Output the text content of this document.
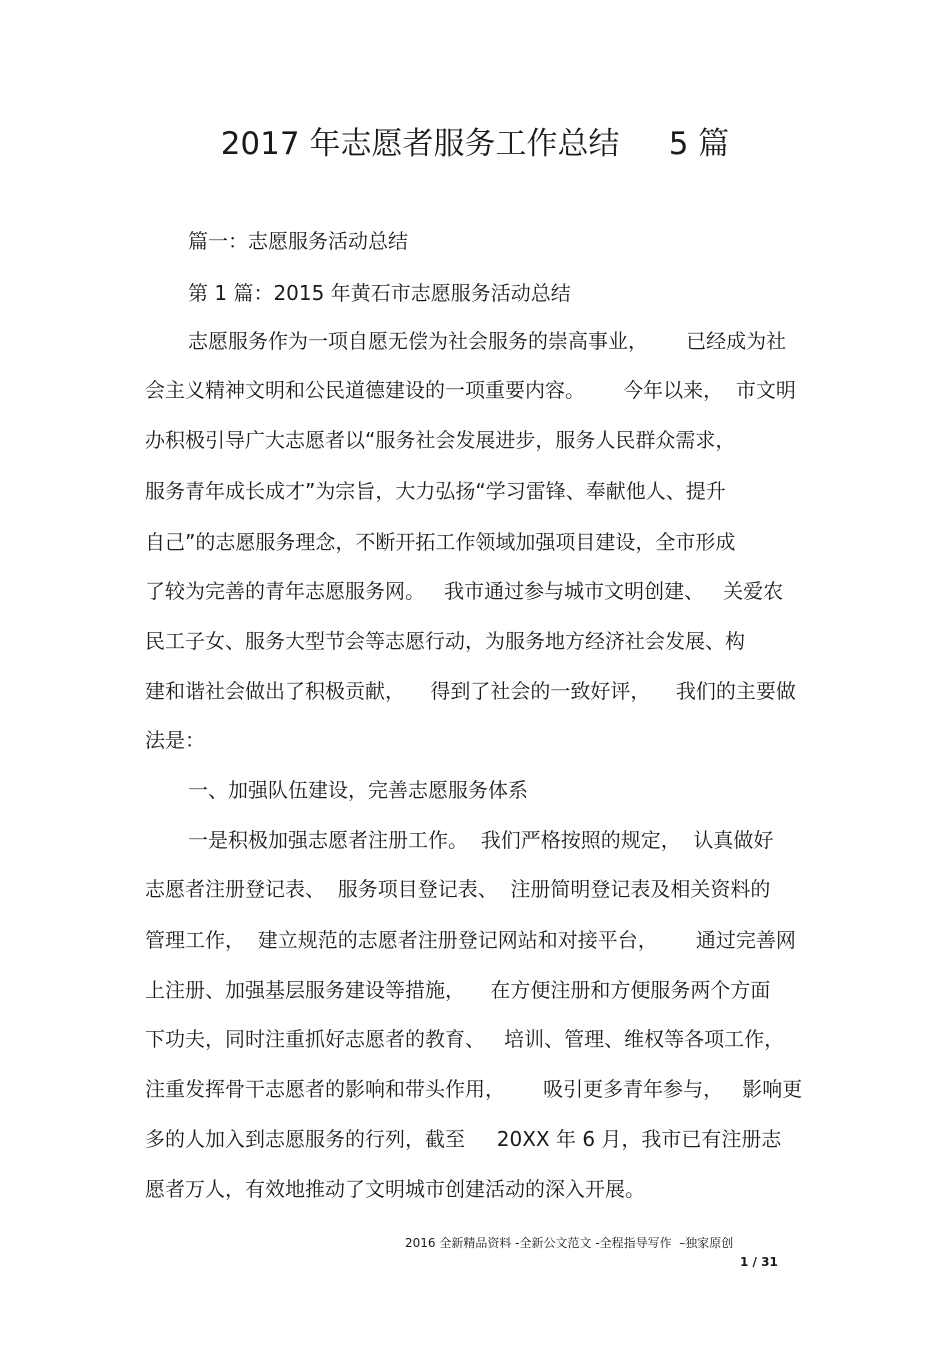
2017 年志愿者服务工作总结     5 篇
篇一：志愿服务活动总结
第 1 篇：2015 年黄石市志愿服务活动总结
志愿服务作为一项自愿无偿为社会服务的崇高事业，      已经成为社
会主义精神文明和公民道德建设的一项重要内容。      今年以来，  市文明
办积极引导广大志愿者以“服务社会发展进步，服务人民群众需求，
服务青年成长成才”为宗旨，大力弘扬“学习雷锋、奉献他人、提升
自己”的志愿服务理念，不断开拓工作领域加强项目建设，全市形成
了较为完善的青年志愿服务网。   我市通过参与城市文明创建、   关爱农
民工子女、服务大型节会等志愿行动，为服务地方经济社会发展、构
建和谐社会做出了积极贡献，    得到了社会的一致好评，    我们的主要做
法是：
一、加强队伍建设，完善志愿服务体系
一是积极加强志愿者注册工作。  我们严格按照的规定，  认真做好
志愿者注册登记表、  服务项目登记表、  注册简明登记表及相关资料的
管理工作，  建立规范的志愿者注册登记网站和对接平台，      通过完善网
上注册、加强基层服务建设等措施，    在方便注册和方便服务两个方面
下功夫，同时注重抓好志愿者的教育、   培训、管理、维权等各项工作，
注重发挥骨干志愿者的影响和带头作用，      吸引更多青年参与，   影响更
多的人加入到志愿服务的行列，截至     20XX 年 6 月，我市已有注册志
愿者万人，有效地推动了文明城市创建活动的深入开展。
2016 全新精品资料 -全新公文范文 -全程指导写作  –独家原创
1 / 31
